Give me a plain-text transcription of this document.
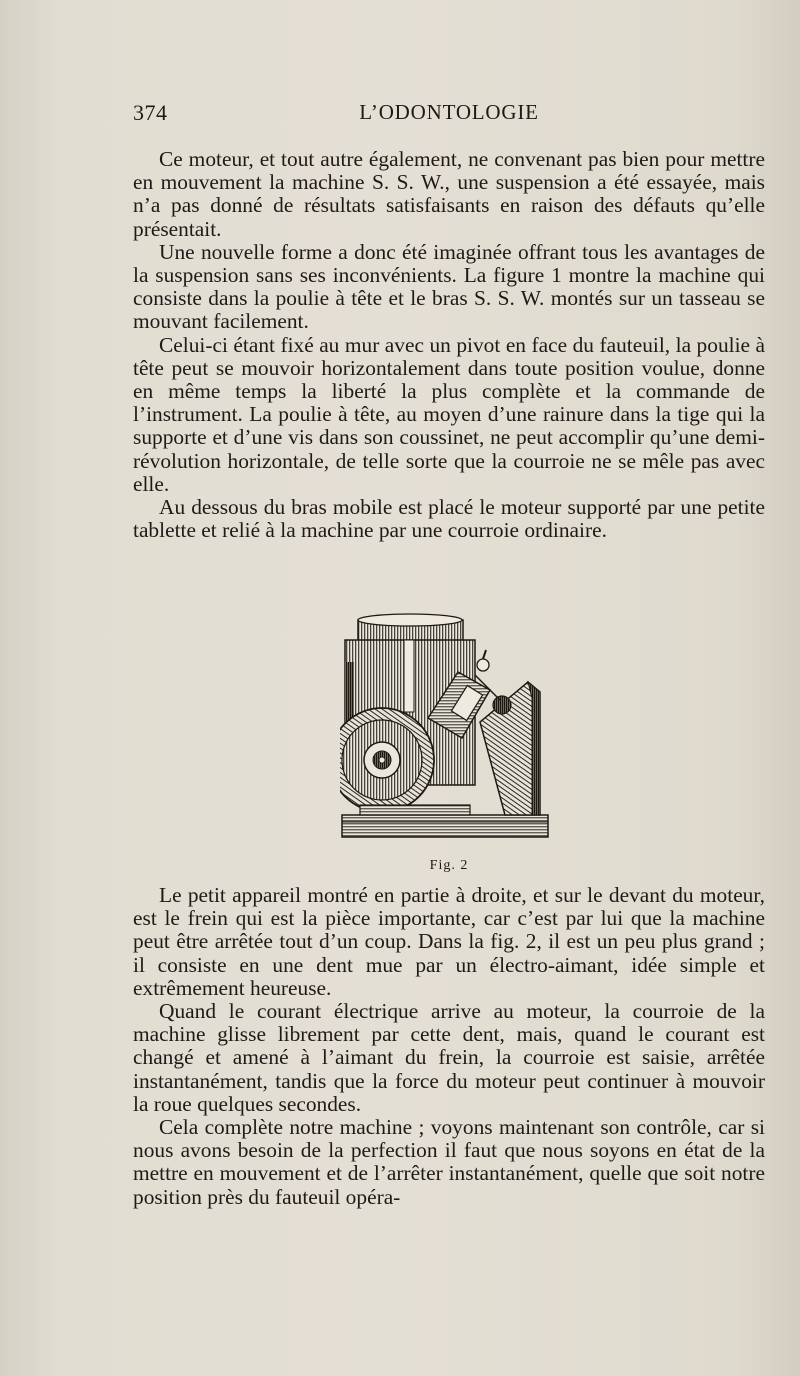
374	L’ODONTOLOGIE

Ce moteur, et tout autre également, ne convenant pas bien pour mettre en mouvement la machine S. S. W., une suspension a été essayée, mais n’a pas donné de résultats satisfaisants en raison des défauts qu’elle présentait.

Une nouvelle forme a donc été imaginée offrant tous les avantages de la suspension sans ses inconvénients. La figure 1 montre la machine qui consiste dans la poulie à tête et le bras S. S. W. montés sur un tasseau se mouvant facilement.

Celui-ci étant fixé au mur avec un pivot en face du fauteuil, la poulie à tête peut se mouvoir horizontalement dans toute position voulue, donne en même temps la liberté la plus complète et la commande de l’instrument. La poulie à tête, au moyen d’une rainure dans la tige qui la supporte et d’une vis dans son coussinet, ne peut accomplir qu’une demi-révolution horizontale, de telle sorte que la courroie ne se mêle pas avec elle.

Au dessous du bras mobile est placé le moteur supporté par une petite tablette et relié à la machine par une courroie ordinaire.

Fig. 2

Le petit appareil montré en partie à droite, et sur le devant du moteur, est le frein qui est la pièce importante, car c’est par lui que la machine peut être arrêtée tout d’un coup. Dans la fig. 2, il est un peu plus grand ; il consiste en une dent mue par un électro-aimant, idée simple et extrêmement heureuse.

Quand le courant électrique arrive au moteur, la courroie de la machine glisse librement par cette dent, mais, quand le courant est changé et amené à l’aimant du frein, la courroie est saisie, arrêtée instantanément, tandis que la force du moteur peut continuer à mouvoir la roue quelques secondes.

Cela complète notre machine ; voyons maintenant son contrôle, car si nous avons besoin de la perfection il faut que nous soyons en état de la mettre en mouvement et de l’arrêter instantanément, quelle que soit notre position près du fauteuil opéra-
